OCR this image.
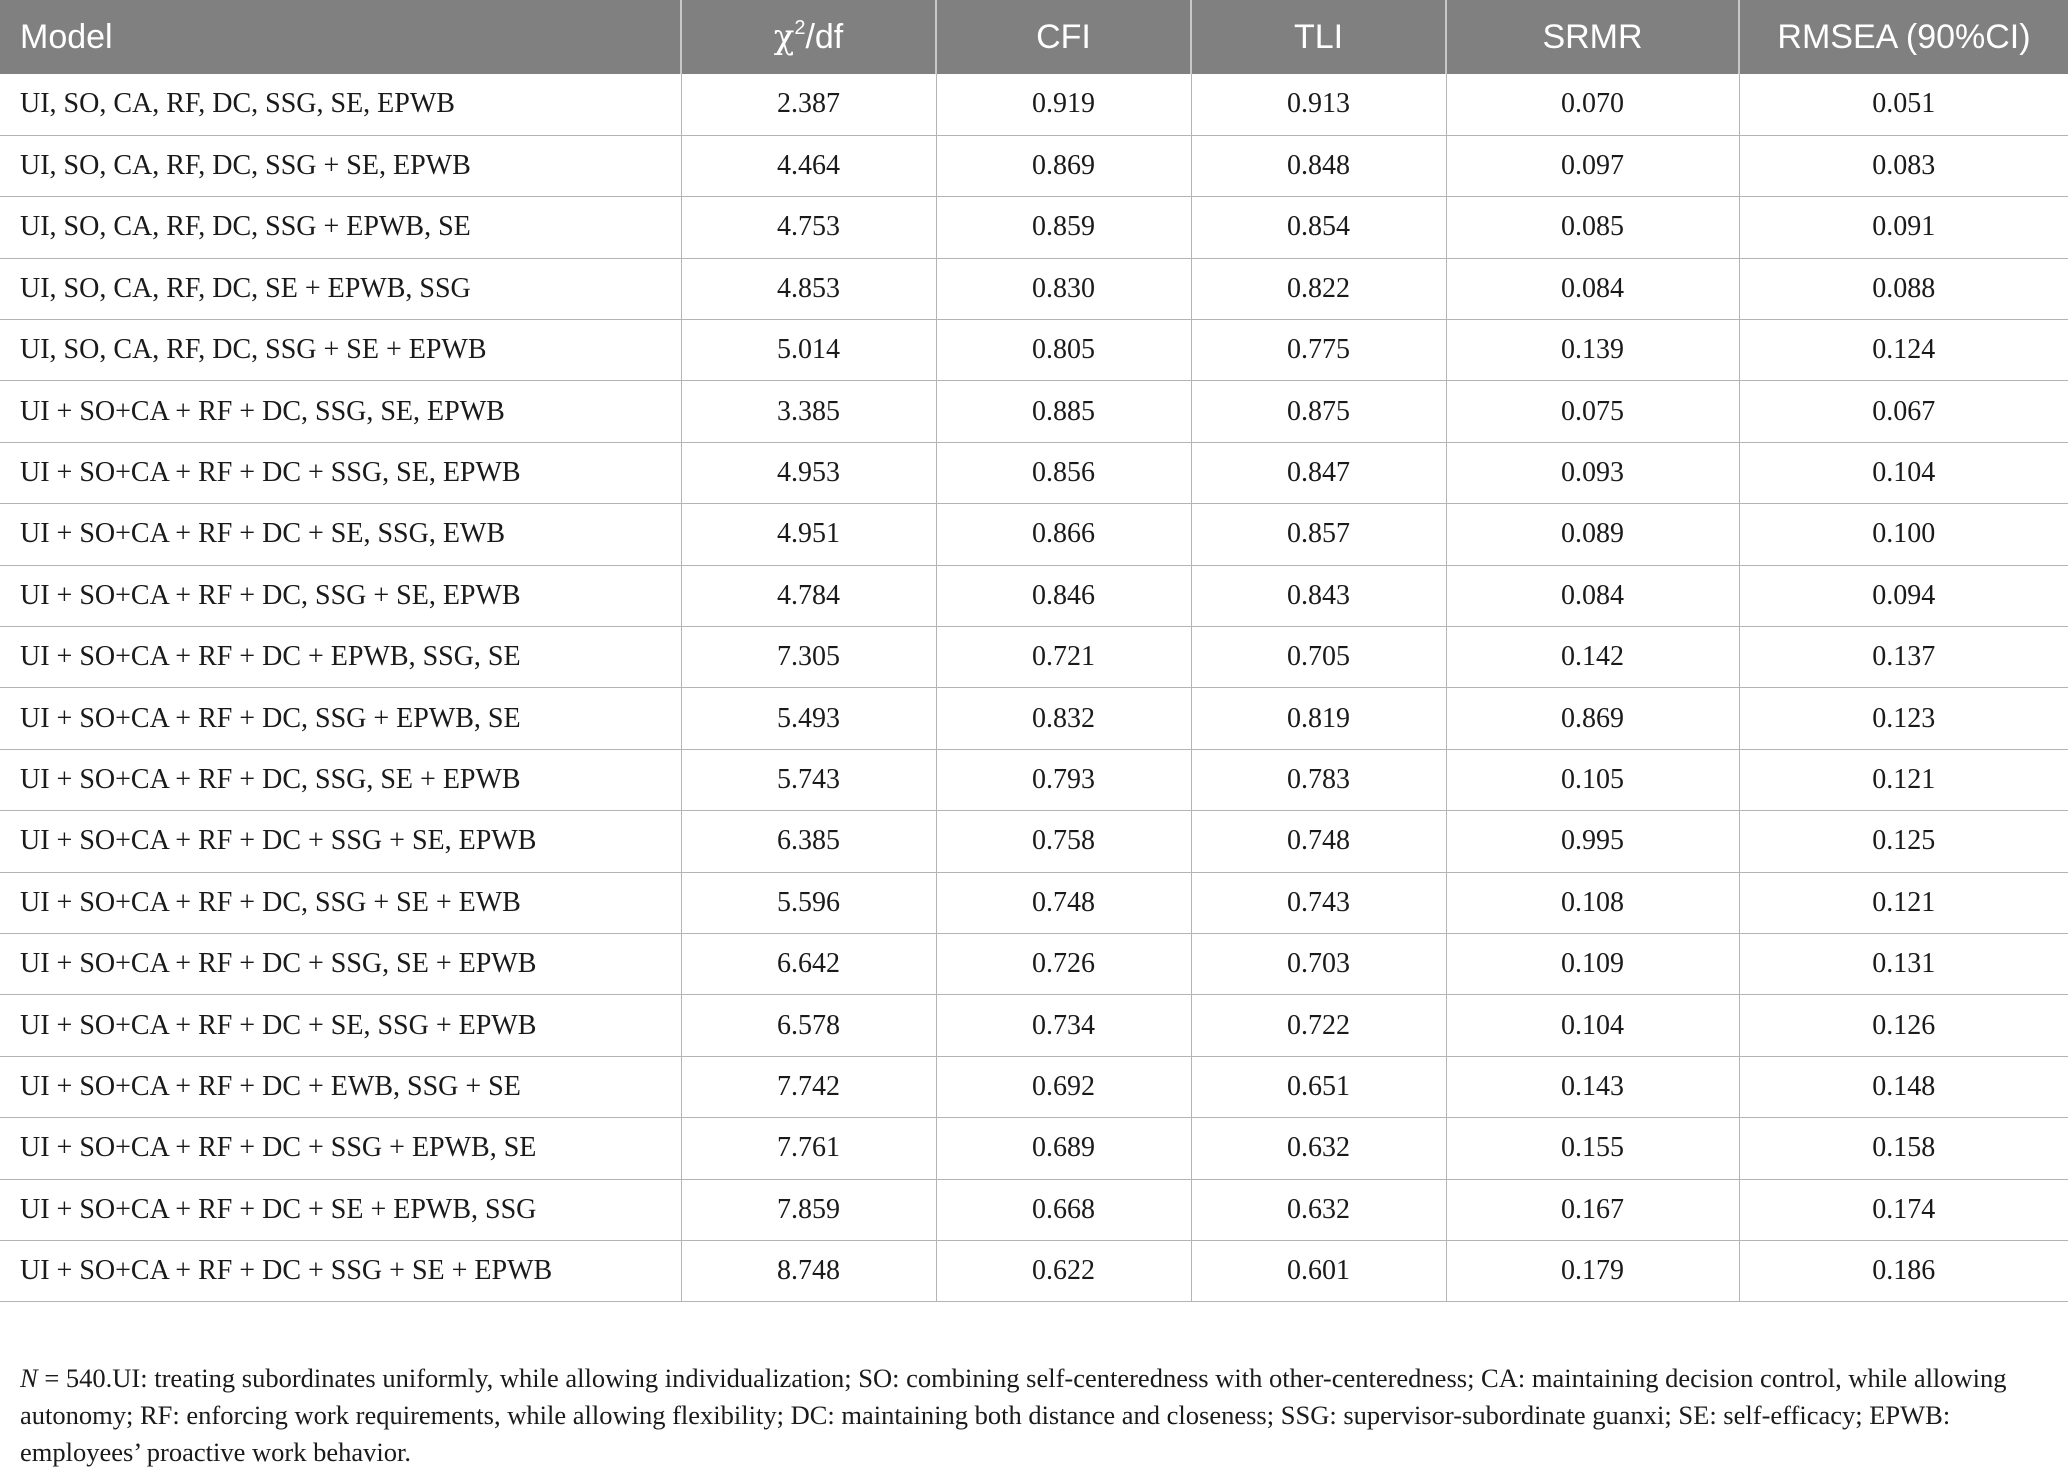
Model	$\chi^2/df$	CFI	TLI	SRMR	RMSEA (90%CI)
UI, SO, CA, RF, DC, SSG, SE, EPWB	2.387	0.919	0.913	0.070	0.051
UI, SO, CA, RF, DC, SSG + SE, EPWB	4.464	0.869	0.848	0.097	0.083
UI, SO, CA, RF, DC, SSG + EPWB, SE	4.753	0.859	0.854	0.085	0.091
UI, SO, CA, RF, DC, SE + EPWB, SSG	4.853	0.830	0.822	0.084	0.088
UI, SO, CA, RF, DC, SSG + SE + EPWB	5.014	0.805	0.775	0.139	0.124
UI + SO+CA + RF + DC, SSG, SE, EPWB	3.385	0.885	0.875	0.075	0.067
UI + SO+CA + RF + DC + SSG, SE, EPWB	4.953	0.856	0.847	0.093	0.104
UI + SO+CA + RF + DC + SE, SSG, EWB	4.951	0.866	0.857	0.089	0.100
UI + SO+CA + RF + DC, SSG + SE, EPWB	4.784	0.846	0.843	0.084	0.094
UI + SO+CA + RF + DC + EPWB, SSG, SE	7.305	0.721	0.705	0.142	0.137
UI + SO+CA + RF + DC, SSG + EPWB, SE	5.493	0.832	0.819	0.869	0.123
UI + SO+CA + RF + DC, SSG, SE + EPWB	5.743	0.793	0.783	0.105	0.121
UI + SO+CA + RF + DC + SSG + SE, EPWB	6.385	0.758	0.748	0.995	0.125
UI + SO+CA + RF + DC, SSG + SE + EWB	5.596	0.748	0.743	0.108	0.121
UI + SO+CA + RF + DC + SSG, SE + EPWB	6.642	0.726	0.703	0.109	0.131
UI + SO+CA + RF + DC + SE, SSG + EPWB	6.578	0.734	0.722	0.104	0.126
UI + SO+CA + RF + DC + EWB, SSG + SE	7.742	0.692	0.651	0.143	0.148
UI + SO+CA + RF + DC + SSG + EPWB, SE	7.761	0.689	0.632	0.155	0.158
UI + SO+CA + RF + DC + SE + EPWB, SSG	7.859	0.668	0.632	0.167	0.174
UI + SO+CA + RF + DC + SSG + SE + EPWB	8.748	0.622	0.601	0.179	0.186
N = 540.UI: treating subordinates uniformly, while allowing individualization; SO: combining self-centeredness with other-centeredness; CA: maintaining decision control, while allowing autonomy; RF: enforcing work requirements, while allowing flexibility; DC: maintaining both distance and closeness; SSG: supervisor-subordinate guanxi; SE: self-efficacy; EPWB: employees’ proactive work behavior.
